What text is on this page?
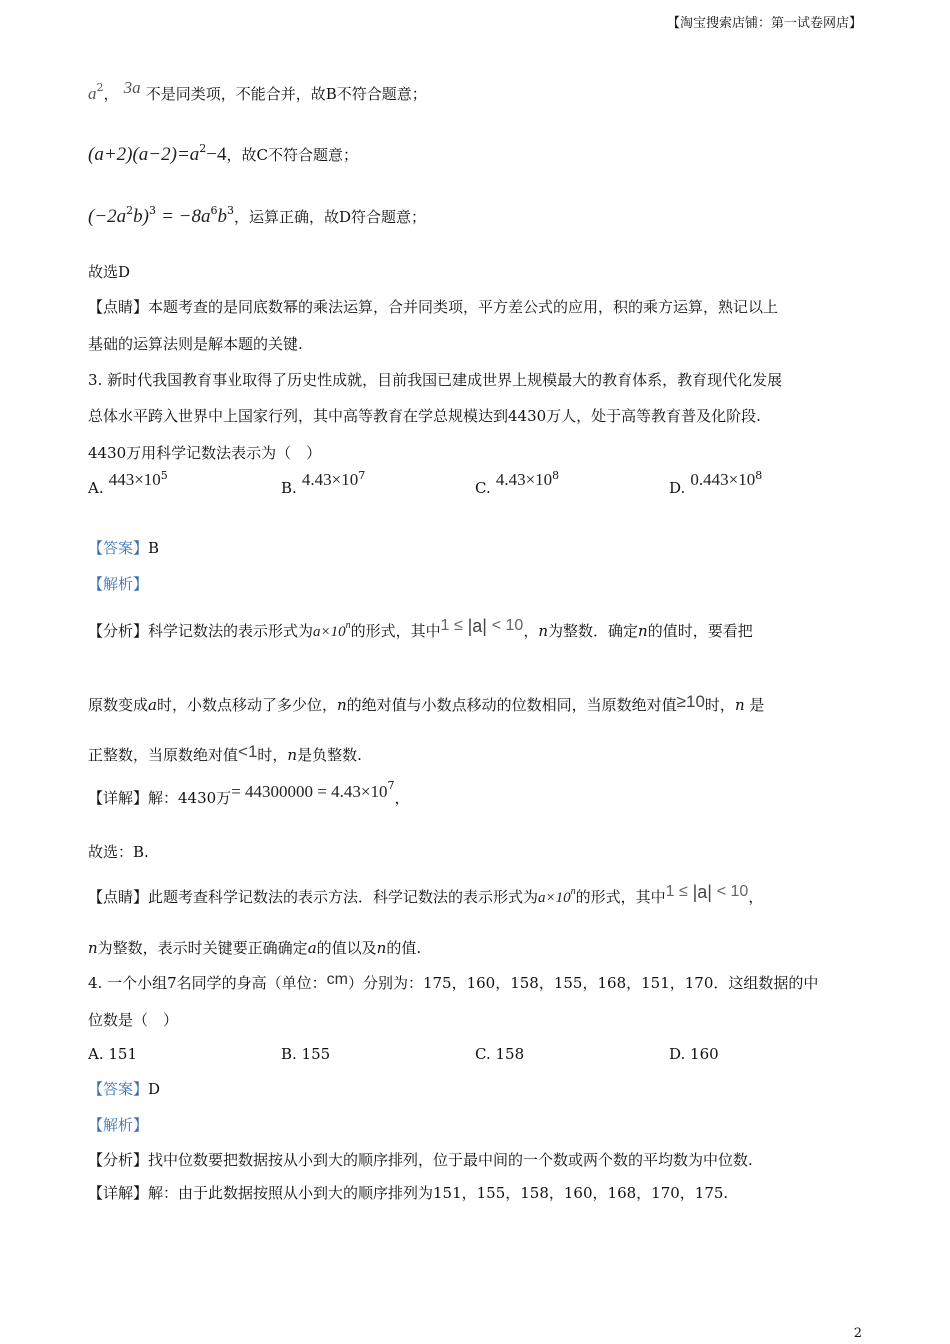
【淘宝搜索店铺：第一试卷网店】
$a^2$， 3a 不是同类项，不能合并，故B不符合题意；
$(a+2)(a-2)=a^2-4$，故C不符合题意；
$(-2a^2b)^3 = -8a^6b^3$，运算正确，故D符合题意；
故选D
【点睛】本题考查的是同底数幂的乘法运算，合并同类项，平方差公式的应用，积的乘方运算，熟记以上
基础的运算法则是解本题的关键.
3. 新时代我国教育事业取得了历史性成就，目前我国已建成世界上规模最大的教育体系，教育现代化发展
总体水平跨入世界中上国家行列，其中高等教育在学总规模达到4430万人，处于高等教育普及化阶段.
4430万用科学记数法表示为（　）
A. $443\times 10^5$
B. $4.43\times 10^7$
C. $4.43\times 10^8$
D. $0.443\times 10^8$
【答案】B
【解析】
【分析】科学记数法的表示形式为$a\times 10^n$的形式，其中1 ≤ |a| < 10，n为整数．确定n的值时，要看把
原数变成a时，小数点移动了多少位，n的绝对值与小数点移动的位数相同，当原数绝对值≥10时，n 是
正整数，当原数绝对值<1时，n是负整数.
【详解】解：4430万= $44300000 = 4.43\times 10^7$，
故选：B.
【点睛】此题考查科学记数法的表示方法．科学记数法的表示形式为$a\times 10^n$的形式，其中1 ≤ |a| < 10，
n为整数，表示时关键要正确确定a的值以及n的值.
4. 一个小组7名同学的身高（单位：cm）分别为：175，160，158，155，168，151，170．这组数据的中
位数是（　）
A. 151	B. 155	C. 158	D. 160
【答案】D
【解析】
【分析】找中位数要把数据按从小到大的顺序排列，位于最中间的一个数或两个数的平均数为中位数.
【详解】解：由于此数据按照从小到大的顺序排列为151，155，158，160，168，170，175.
2
